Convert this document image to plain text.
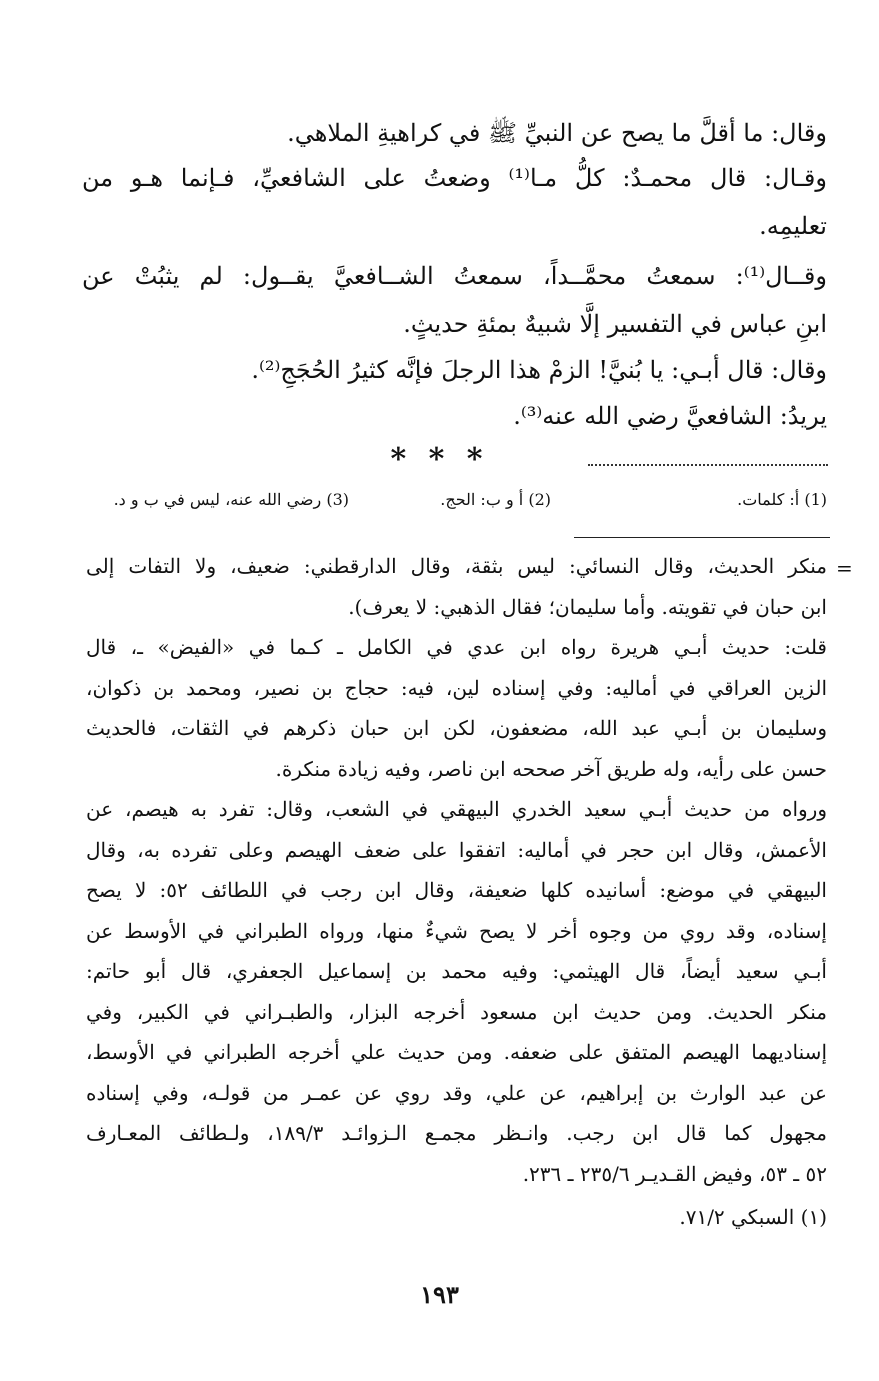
وقال: ما أقلَّ ما يصح عن النبيِّ ﷺ في كراهيةِ الملاهي.
وقـال: قال محمـدٌ: كلُّ مـا⁽¹⁾ وضعتُ على الشافعيِّ، فـإنما هـو من
تعليمِه.
وقــال⁽¹⁾: سمعتُ محمَّــداً، سمعتُ الشــافعيَّ يقــول: لم يثبُتْ عن
ابنِ عباس في التفسير إلَّا شبيهٌ بمئةِ حديثٍ.
وقال: قال أبـي: يا بُنيَّ! الزمْ هذا الرجلَ فإنَّه كثيرُ الحُجَجِ⁽²⁾.
يريدُ: الشافعيَّ رضي الله عنه⁽³⁾.
* * *
(1) أ: كلمات.
(2) أ و ب: الحج.
(3) رضي الله عنه، ليس في ب و د.
=
منكر الحديث، وقال النسائي: ليس بثقة، وقال الدارقطني: ضعيف، ولا التفات إلى
ابن حبان في تقويته. وأما سليمان؛ فقال الذهبي: لا يعرف).
قلت: حديث أبـي هريرة رواه ابن عدي في الكامل ـ كـما في «الفيض» ـ، قال
الزين العراقي في أماليه: وفي إسناده لين، فيه: حجاج بن نصير، ومحمد بن ذكوان،
وسليمان بن أبـي عبد الله، مضعفون، لكن ابن حبان ذكرهم في الثقات، فالحديث
حسن على رأيه، وله طريق آخر صححه ابن ناصر، وفيه زيادة منكرة.
ورواه من حديث أبـي سعيد الخدري البيهقي في الشعب، وقال: تفرد به هيصم، عن
الأعمش، وقال ابن حجر في أماليه: اتفقوا على ضعف الهيصم وعلى تفرده به، وقال
البيهقي في موضع: أسانيده كلها ضعيفة، وقال ابن رجب في اللطائف ٥٢: لا يصح
إسناده، وقد روي من وجوه أخر لا يصح شيءٌ منها، ورواه الطبراني في الأوسط عن
أبـي سعيد أيضاً، قال الهيثمي: وفيه محمد بن إسماعيل الجعفري، قال أبو حاتم:
منكر الحديث. ومن حديث ابن مسعود أخرجه البزار، والطبـراني في الكبير، وفي
إسناديهما الهيصم المتفق على ضعفه. ومن حديث علي أخرجه الطبراني في الأوسط،
عن عبد الوارث بن إبراهيم، عن علي، وقد روي عن عمـر من قولـه، وفي إسناده
مجهول كما قال ابن رجب. وانـظر مجمـع الـزوائـد ١٨٩/٣، ولـطائف المعـارف
٥٢ ـ ٥٣، وفيض القـديـر ٢٣٥/٦ ـ ٢٣٦.
(١) السبكي ٧١/٢.
١٩٣
